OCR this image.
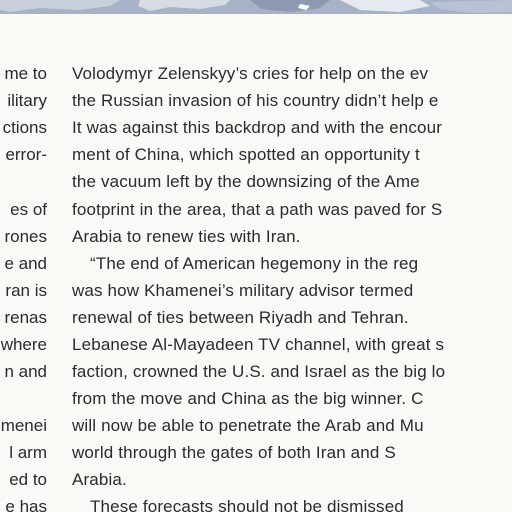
me to
ilitary
ctions
error-
es of
rones
e and
ran is
renas
where
n and
menei
l arm
ed to
e has
Volodymyr Zelenskyy’s cries for help on the ev
the Russian invasion of his country didn’t help e
It was against this backdrop and with the encour
ment of China, which spotted an opportunity t
the vacuum left by the downsizing of the Ame
footprint in the area, that a path was paved for S
Arabia to renew ties with Iran.
“The end of American hegemony in the reg
was how Khamenei’s military advisor termed
renewal of ties between Riyadh and Tehran.
Lebanese Al-Mayadeen TV channel, with great s
faction, crowned the U.S. and Israel as the big lo
from the move and China as the big winner. C
will now be able to penetrate the Arab and Mu
world through the gates of both Iran and S
Arabia.
These forecasts should not be dismissed
